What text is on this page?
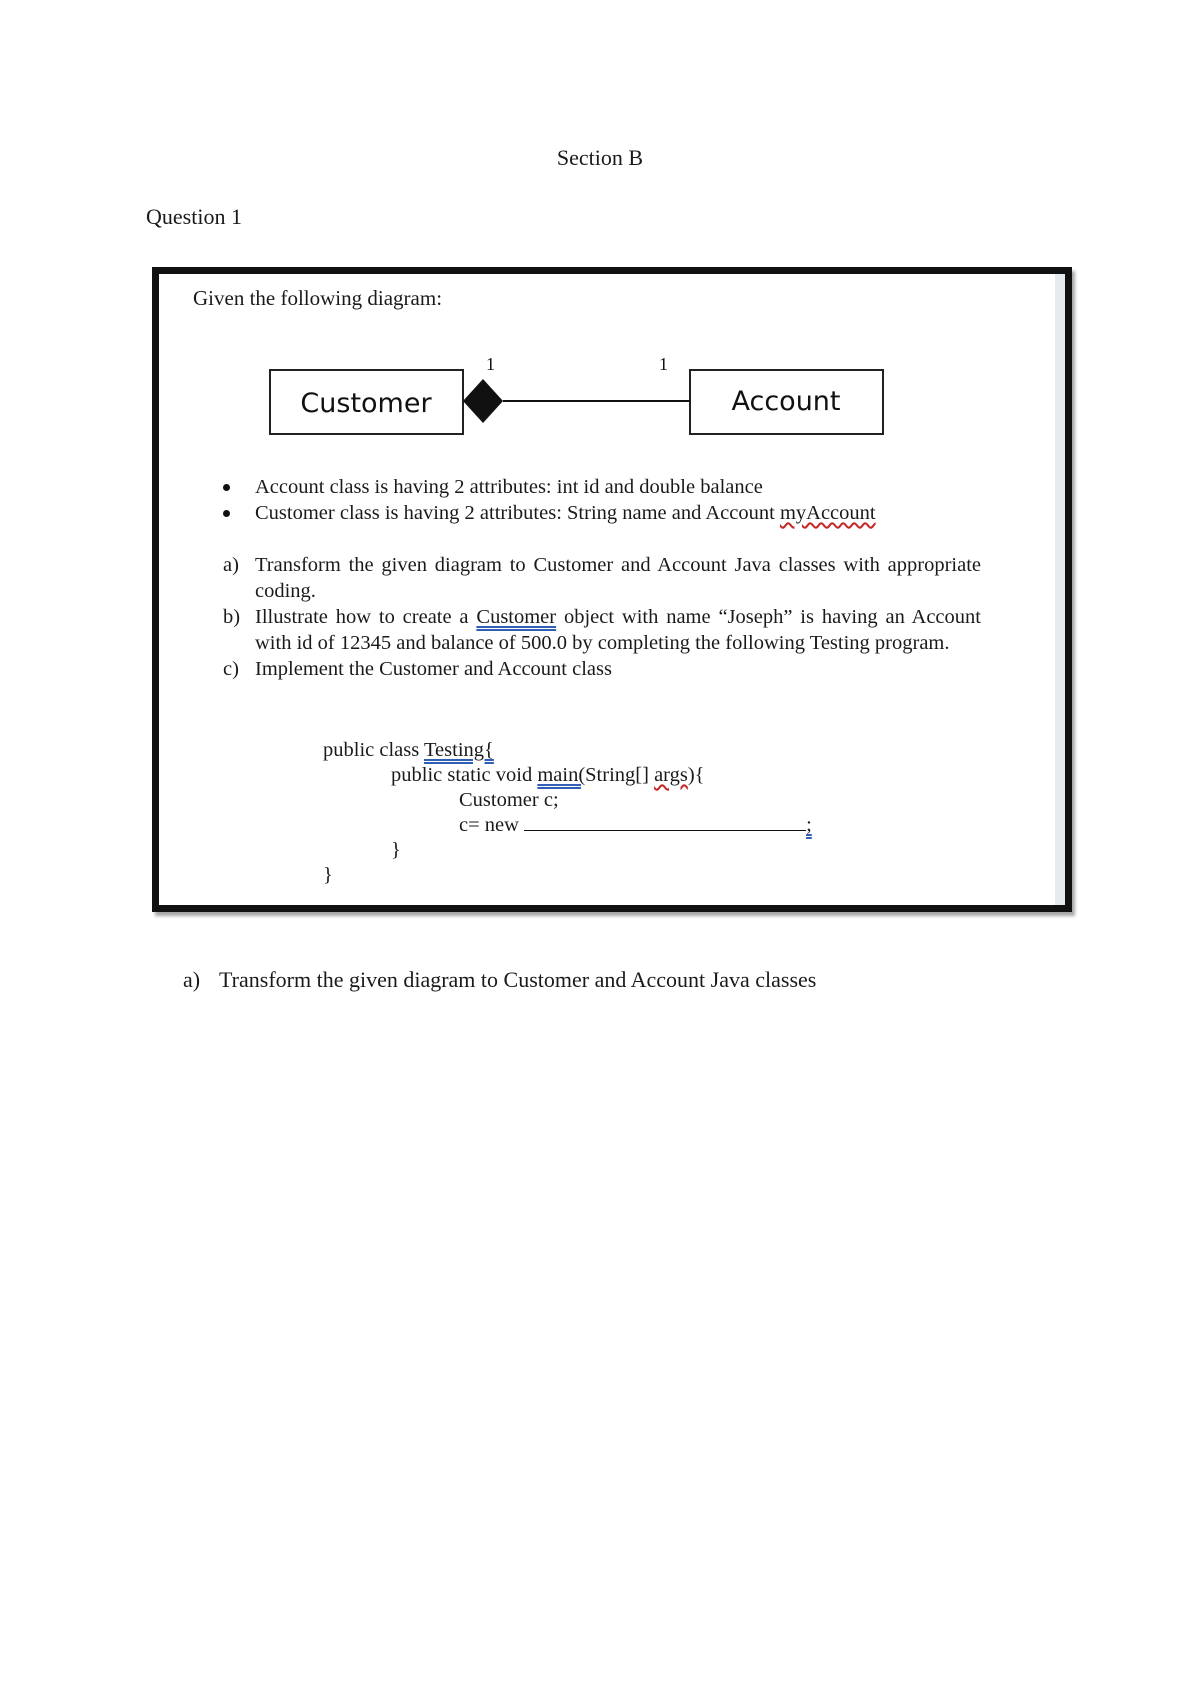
Section B
Question 1
Given the following diagram:
Customer	Account
1	1
Account class is having 2 attributes: int id and double balance
Customer class is having 2 attributes: String name and Account myAccount
a) Transform the given diagram to Customer and Account Java classes with appropriate coding.
b) Illustrate how to create a Customer object with name “Joseph” is having an Account with id of 12345 and balance of 500.0 by completing the following Testing program.
c) Implement the Customer and Account class
public class Testing{
public static void main(String[] args){
Customer c;
c= new	;
}
}
a) Transform the given diagram to Customer and Account Java classes
